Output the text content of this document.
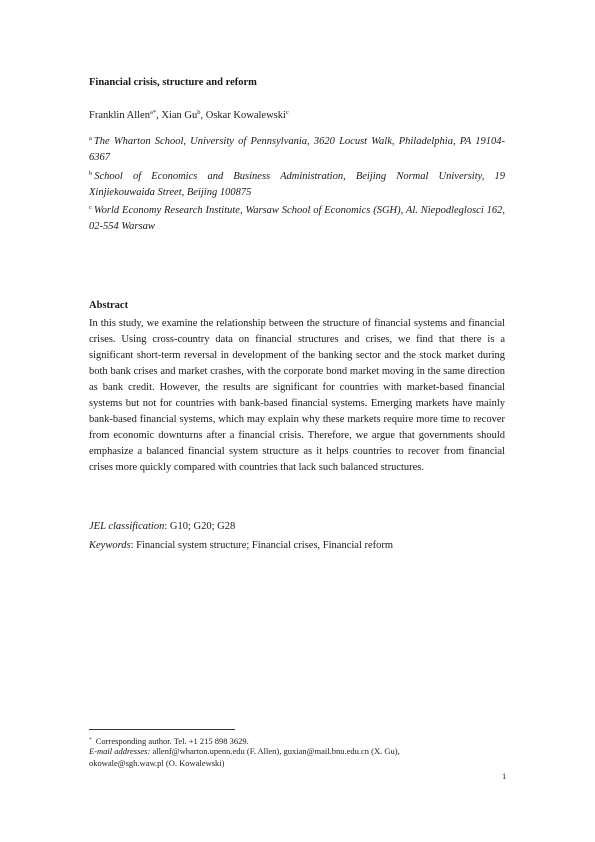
Financial crisis, structure and reform
Franklin Allen$^{a*}$, Xian Gu$^b$, Oskar Kowalewski$^c$
$^a$ The Wharton School, University of Pennsylvania, 3620 Locust Walk, Philadelphia, PA 19104-6367
$^b$ School of Economics and Business Administration, Beijing Normal University, 19 Xinjiekouwaida Street, Beijing 100875
$^c$ World Economy Research Institute, Warsaw School of Economics (SGH), Al. Niepodleglosci 162, 02-554 Warsaw
Abstract

In this study, we examine the relationship between the structure of financial systems and financial crises. Using cross-country data on financial structures and crises, we find that there is a significant short-term reversal in development of the banking sector and the stock market during both bank crises and market crashes, with the corporate bond market moving in the same direction as bank credit. However, the results are significant for countries with market-based financial systems but not for countries with bank-based financial systems. Emerging markets have mainly bank-based financial systems, which may explain why these markets require more time to recover from economic downturns after a financial crisis. Therefore, we argue that governments should emphasize a balanced financial system structure as it helps countries to recover from financial crises more quickly compared with countries that lack such balanced structures.

JEL classification: G10; G20; G28
Keywords: Financial system structure; Financial crises, Financial reform
* Corresponding author. Tel. +1 215 898 3629.
E-mail addresses: allenf@wharton.upenn.edu (F. Allen), guxian@mail.bnu.edu.cn (X. Gu),
okowale@sgh.waw.pl (O. Kowalewski)
1
